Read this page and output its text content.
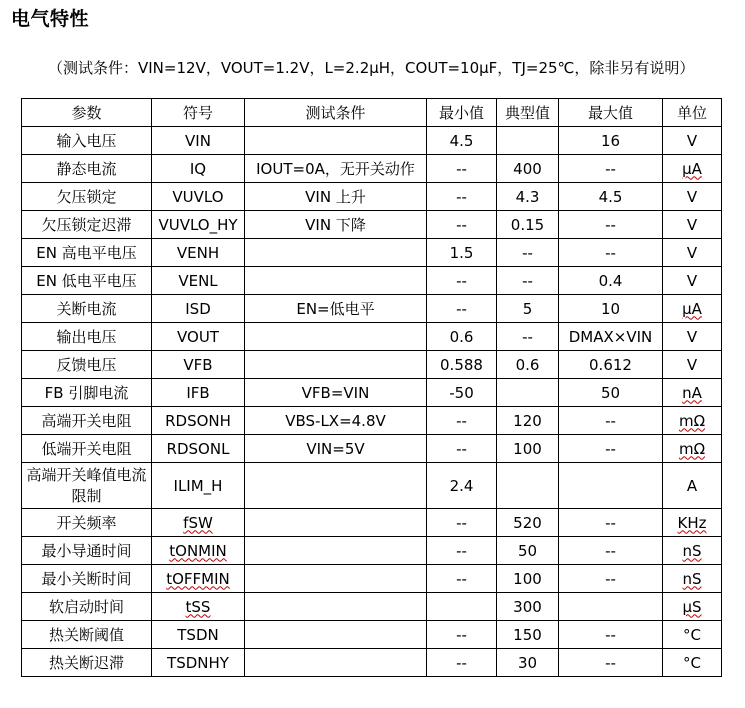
电气特性
（测试条件：VIN=12V，VOUT=1.2V，L=2.2μH，COUT=10μF，TJ=25℃，除非另有说明）
参数	符号	测试条件	最小值	典型值	最大值	单位
输入电压	VIN		4.5		16	V
静态电流	IQ	IOUT=0A，无开关动作	--	400	--	μA
欠压锁定	VUVLO	VIN 上升	--	4.3	4.5	V
欠压锁定迟滞	VUVLO_HY	VIN 下降	--	0.15	--	V
EN 高电平电压	VENH		1.5	--	--	V
EN 低电平电压	VENL		--	--	0.4	V
关断电流	ISD	EN=低电平	--	5	10	μA
输出电压	VOUT		0.6	--	DMAX×VIN	V
反馈电压	VFB		0.588	0.6	0.612	V
FB 引脚电流	IFB	VFB=VIN	-50		50	nA
高端开关电阻	RDSONH	VBS-LX=4.8V	--	120	--	mΩ
低端开关电阻	RDSONL	VIN=5V	--	100	--	mΩ
高端开关峰值电流限制	ILIM_H		2.4			A
开关频率	fSW		--	520	--	KHz
最小导通时间	tONMIN		--	50	--	nS
最小关断时间	tOFFMIN		--	100	--	nS
软启动时间	tSS			300		μS
热关断阈值	TSDN		--	150	--	°C
热关断迟滞	TSDNHY		--	30	--	°C
